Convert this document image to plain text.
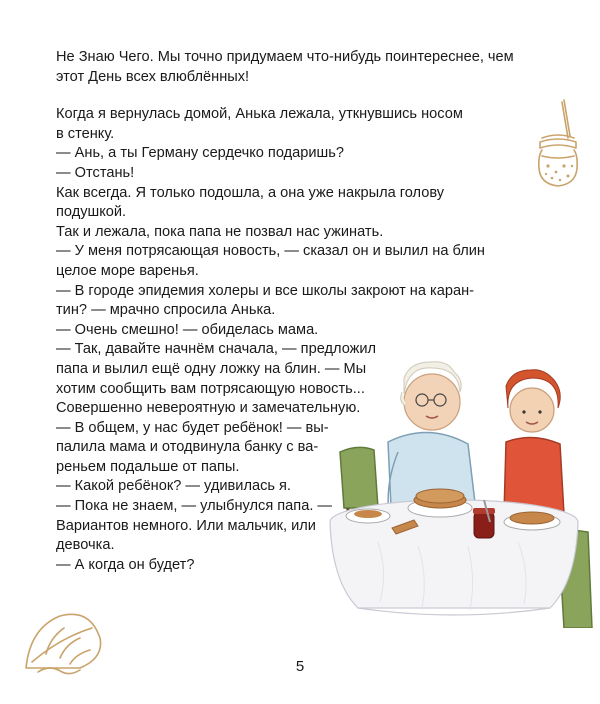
Не Знаю Чего. Мы точно придумаем что-нибудь поинтереснее, чем

этот День всех влюблённых!

Когда я вернулась домой, Анька лежала, уткнувшись носом

в стенку.

— Ань, а ты Герману сердечко подаришь?

— Отстань!

Как всегда. Я только подошла, а она уже накрыла голову

подушкой.

Так и лежала, пока папа не позвал нас ужинать.

— У меня потрясающая новость, — сказал он и вылил на блин

целое море варенья.

— В городе эпидемия холеры и все школы закроют на каран-

тин? — мрачно спросила Анька.

— Очень смешно! — обиделась мама.

— Так, давайте начнём сначала, — предложил

папа и вылил ещё одну ложку на блин. — Мы

хотим сообщить вам потрясающую новость...

Совершенно невероятную и замечательную.

— В общем, у нас будет ребёнок! — вы-

палила мама и отодвинула банку с ва-

реньем подальше от папы.

— Какой ребёнок? — удивилась я.

— Пока не знаем, — улыбнулся папа. —

Вариантов немного. Или мальчик, или

девочка.

— А когда он будет?

5
